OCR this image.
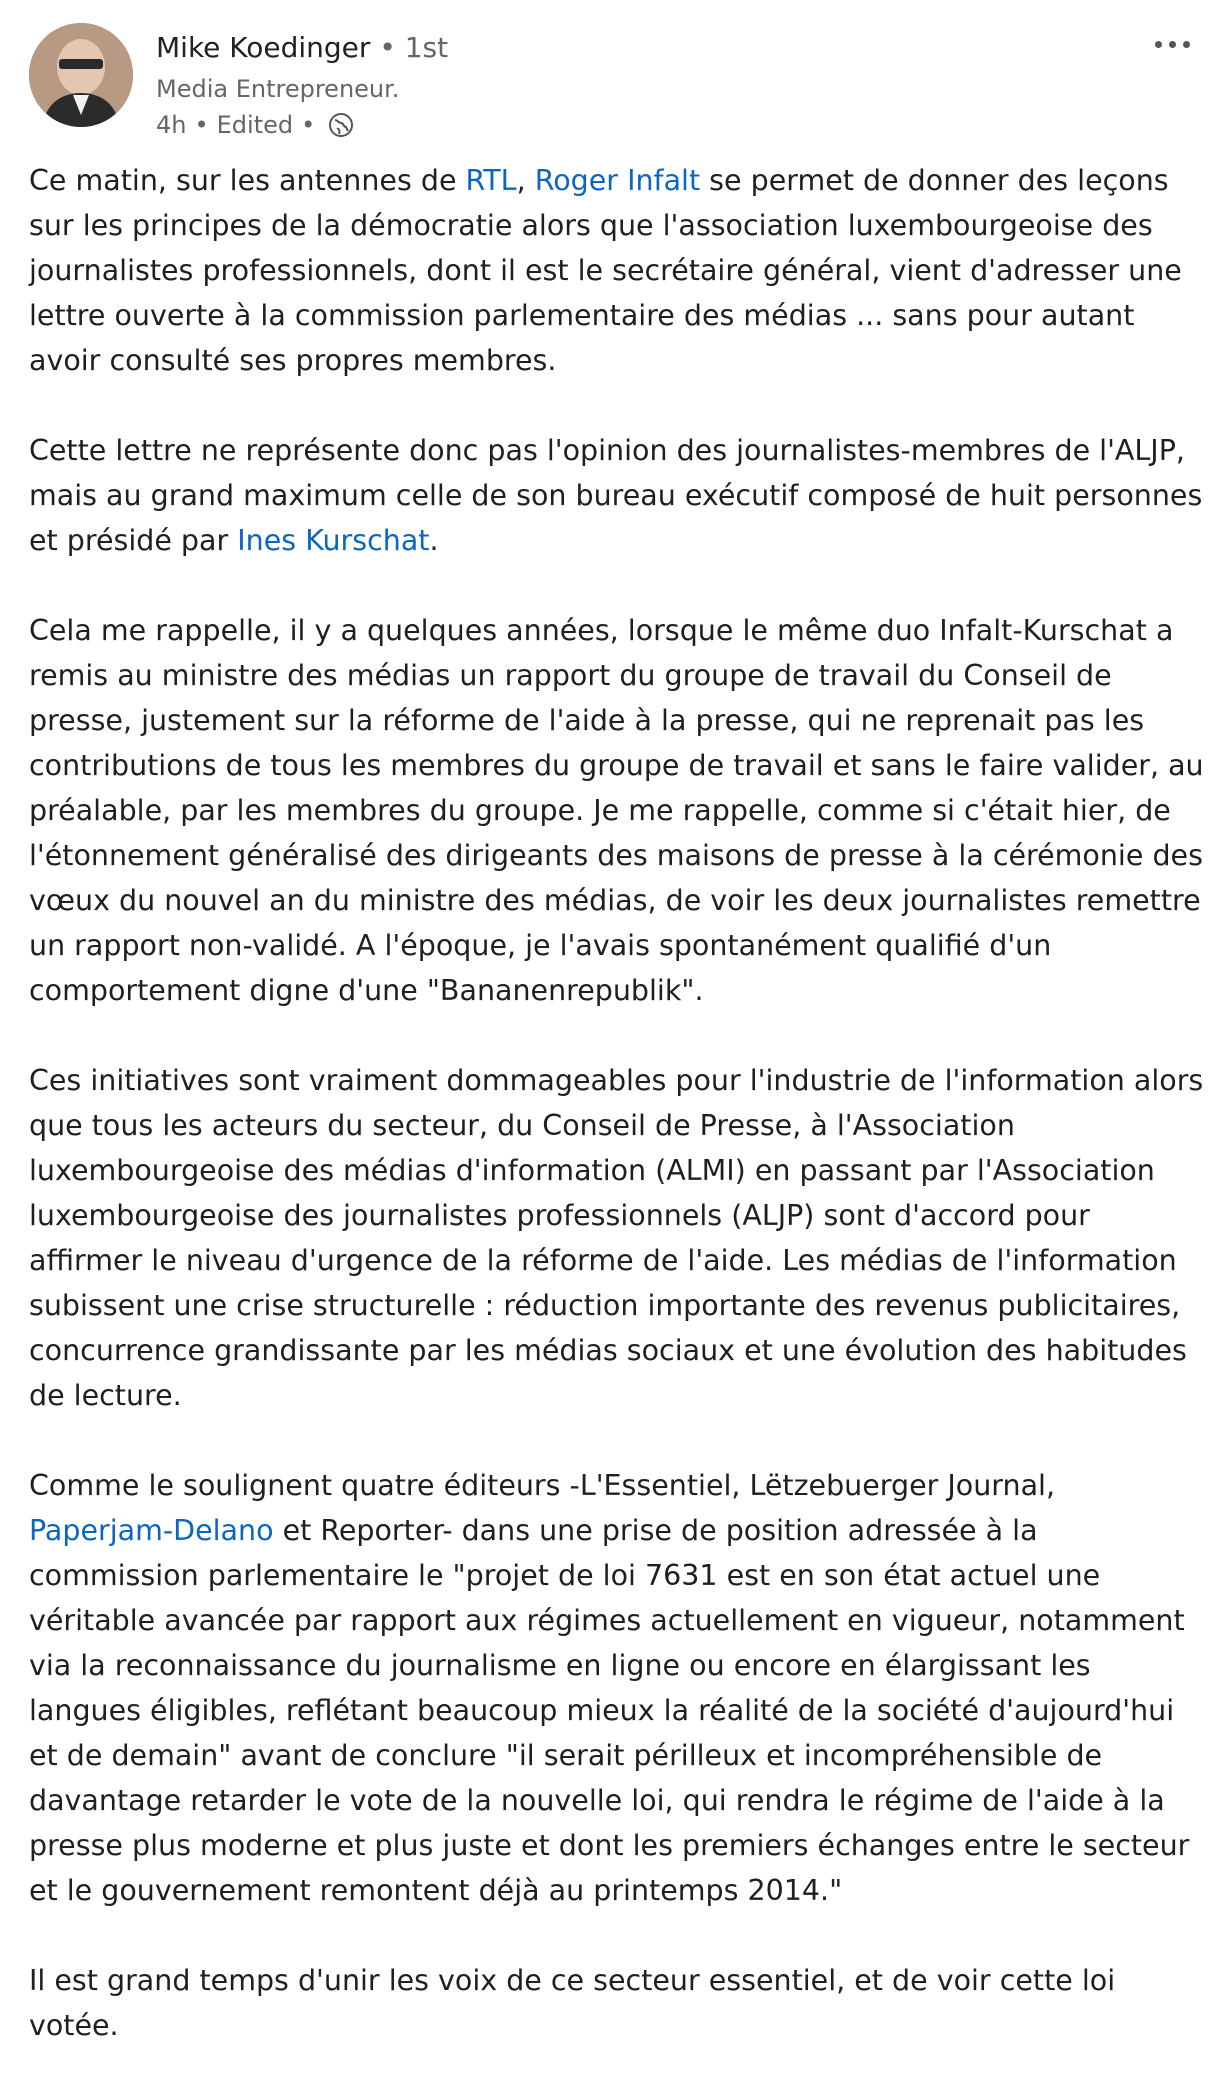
Mike Koedinger • 1st
Media Entrepreneur.
4h • Edited •

Ce matin, sur les antennes de RTL, Roger Infalt se permet de donner des leçons sur les principes de la démocratie alors que l'association luxembourgeoise des journalistes professionnels, dont il est le secrétaire général, vient d'adresser une lettre ouverte à la commission parlementaire des médias ... sans pour autant avoir consulté ses propres membres.

Cette lettre ne représente donc pas l'opinion des journalistes-membres de l'ALJP, mais au grand maximum celle de son bureau exécutif composé de huit personnes et présidé par Ines Kurschat.

Cela me rappelle, il y a quelques années, lorsque le même duo Infalt-Kurschat a remis au ministre des médias un rapport du groupe de travail du Conseil de presse, justement sur la réforme de l'aide à la presse, qui ne reprenait pas les contributions de tous les membres du groupe de travail et sans le faire valider, au préalable, par les membres du groupe. Je me rappelle, comme si c'était hier, de l'étonnement généralisé des dirigeants des maisons de presse à la cérémonie des vœux du nouvel an du ministre des médias, de voir les deux journalistes remettre un rapport non-validé. A l'époque, je l'avais spontanément qualifié d'un comportement digne d'une "Bananenrepublik".

Ces initiatives sont vraiment dommageables pour l'industrie de l'information alors que tous les acteurs du secteur, du Conseil de Presse, à l'Association luxembourgeoise des médias d'information (ALMI) en passant par l'Association luxembourgeoise des journalistes professionnels (ALJP) sont d'accord pour affirmer le niveau d'urgence de la réforme de l'aide. Les médias de l'information subissent une crise structurelle : réduction importante des revenus publicitaires, concurrence grandissante par les médias sociaux et une évolution des habitudes de lecture.

Comme le soulignent quatre éditeurs -L'Essentiel, Lëtzebuerger Journal, Paperjam-Delano et Reporter- dans une prise de position adressée à la commission parlementaire le "projet de loi 7631 est en son état actuel une véritable avancée par rapport aux régimes actuellement en vigueur, notamment via la reconnaissance du journalisme en ligne ou encore en élargissant les langues éligibles, reflétant beaucoup mieux la réalité de la société d'aujourd'hui et de demain" avant de conclure "il serait périlleux et incompréhensible de davantage retarder le vote de la nouvelle loi, qui rendra le régime de l'aide à la presse plus moderne et plus juste et dont les premiers échanges entre le secteur et le gouvernement remontent déjà au printemps 2014."

Il est grand temps d'unir les voix de ce secteur essentiel, et de voir cette loi votée.
